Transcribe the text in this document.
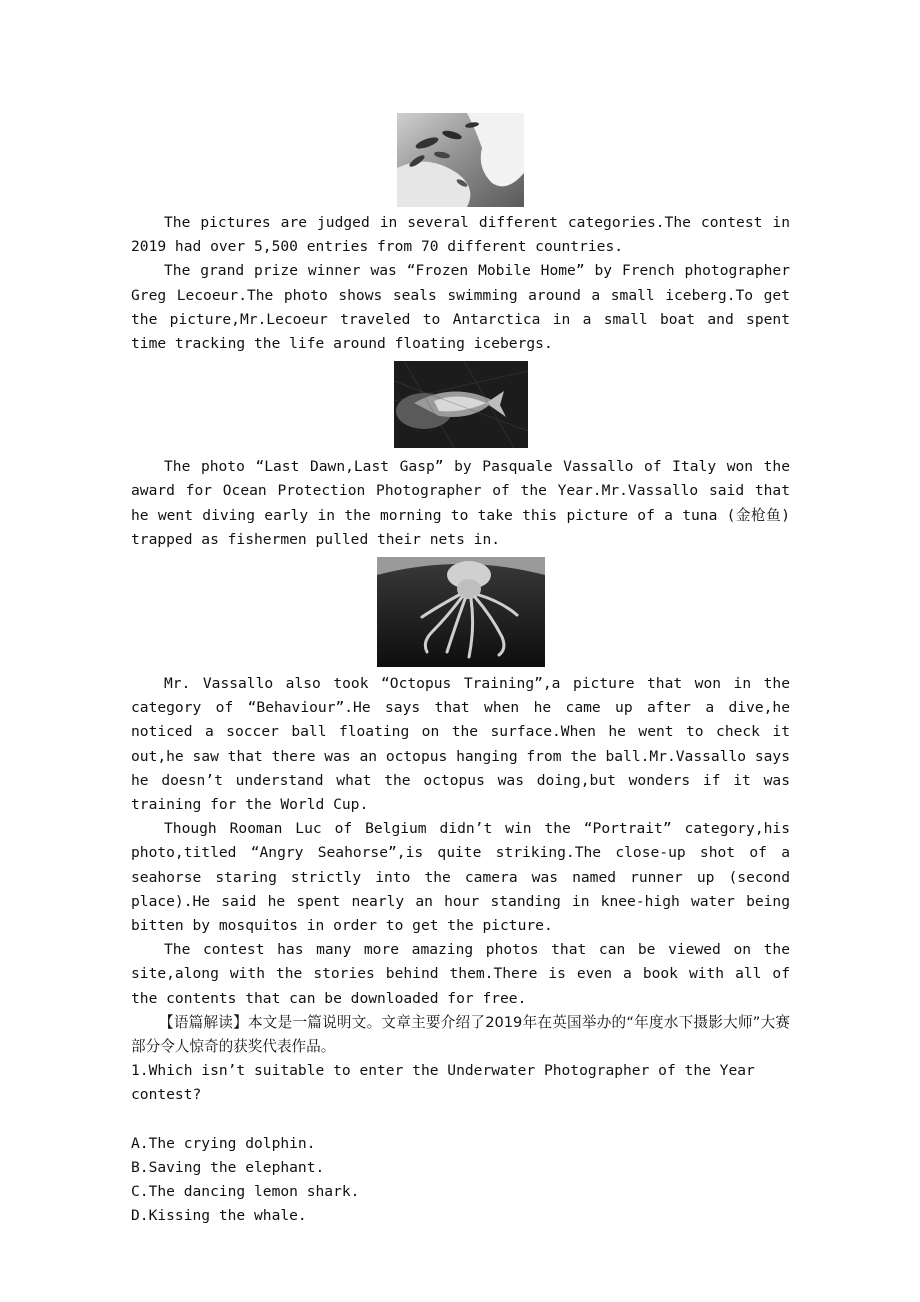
The pictures are judged in several different categories.The contest in 2019 had over 5,500 entries from 70 different countries.

The grand prize winner was “Frozen Mobile Home” by French photographer Greg Lecoeur.The photo shows seals swimming around a small iceberg.To get the picture,Mr.Lecoeur traveled to Antarctica in a small boat and spent time tracking the life around floating icebergs.

The photo “Last Dawn,Last Gasp” by Pasquale Vassallo of Italy won the award for Ocean Protection Photographer of the Year.Mr.Vassallo said that he went diving early in the morning to take this picture of a tuna (金枪鱼) trapped as fishermen pulled their nets in.

Mr. Vassallo also took “Octopus Training”,a picture that won in the category of “Behaviour”.He says that when he came up after a dive,he noticed a soccer ball floating on the surface.When he went to check it out,he saw that there was an octopus hanging from the ball.Mr.Vassallo says he doesn’t understand what the octopus was doing,but wonders if it was training for the World Cup.

Though Rooman Luc of Belgium didn’t win the “Portrait” category,his photo,titled “Angry Seahorse”,is quite striking.The close-up shot of a seahorse staring strictly into the camera was named runner up (second place).He said he spent nearly an hour standing in knee-high water being bitten by mosquitos in order to get the picture.

The contest has many more amazing photos that can be viewed on the site,along with the stories behind them.There is even a book with all of the contents that can be downloaded for free.

【语篇解读】本文是一篇说明文。文章主要介绍了2019年在英国举办的“年度水下摄影大师”大赛部分令人惊奇的获奖代表作品。

1.Which isn’t suitable to enter the Underwater Photographer of the Year contest?

A.The crying dolphin.

B.Saving the elephant.

C.The dancing lemon shark.

D.Kissing the whale.
